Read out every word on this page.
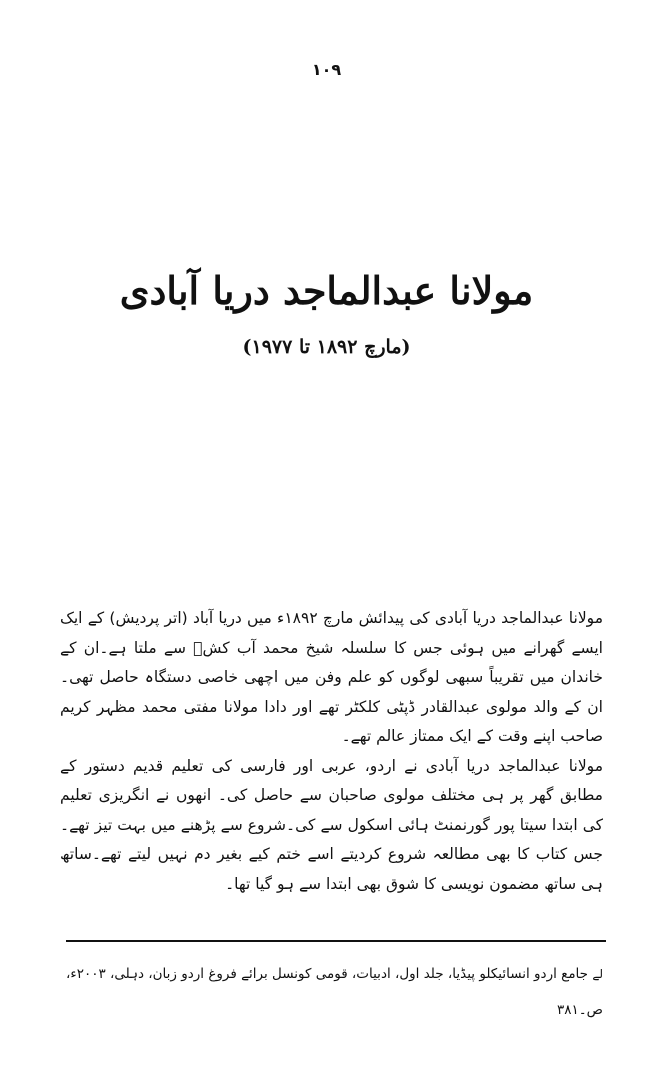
١٠٩
مولانا عبدالماجد دریا آبادی
(مارچ ۱۸۹۲ تا ۱۹۷۷)

مولانا عبدالماجد دریا آبادی کی پیدائش مارچ ۱۸۹۲ء میں دریا آباد (اتر پردیش) کے ایک ایسے گھرانے میں ہوئی جس کا سلسلہ شیخ محمد آب کشؒ سے ملتا ہے۔ان کے خاندان میں تقریباً سبھی لوگوں کو علم وفن میں اچھی خاصی دستگاہ حاصل تھی۔ ان کے والد مولوی عبدالقادر ڈپٹی کلکٹر تھے اور دادا مولانا مفتی محمد مظہر کریم صاحب اپنے وقت کے ایک ممتاز عالم تھے۔

مولانا عبدالماجد دریا آبادی نے اردو، عربی اور فارسی کی تعلیم قدیم دستور کے مطابق گھر پر ہی مختلف مولوی صاحبان سے حاصل کی۔ انھوں نے انگریزی تعلیم کی ابتدا سیتا پور گورنمنٹ ہائی اسکول سے کی۔شروع سے پڑھنے میں بہت تیز تھے۔جس کتاب کا بھی مطالعہ شروع کردیتے اسے ختم کیے بغیر دم نہیں لیتے تھے۔ساتھ ہی ساتھ مضمون نویسی کا شوق بھی ابتدا سے ہو گیا تھا۔

لے جامع اردو انسائیکلو پیڈیا، جلد اول، ادبیات، قومی کونسل برائے فروغ اردو زبان، دہلی، ۲۰۰۳ء،
ص۔۳۸۱
